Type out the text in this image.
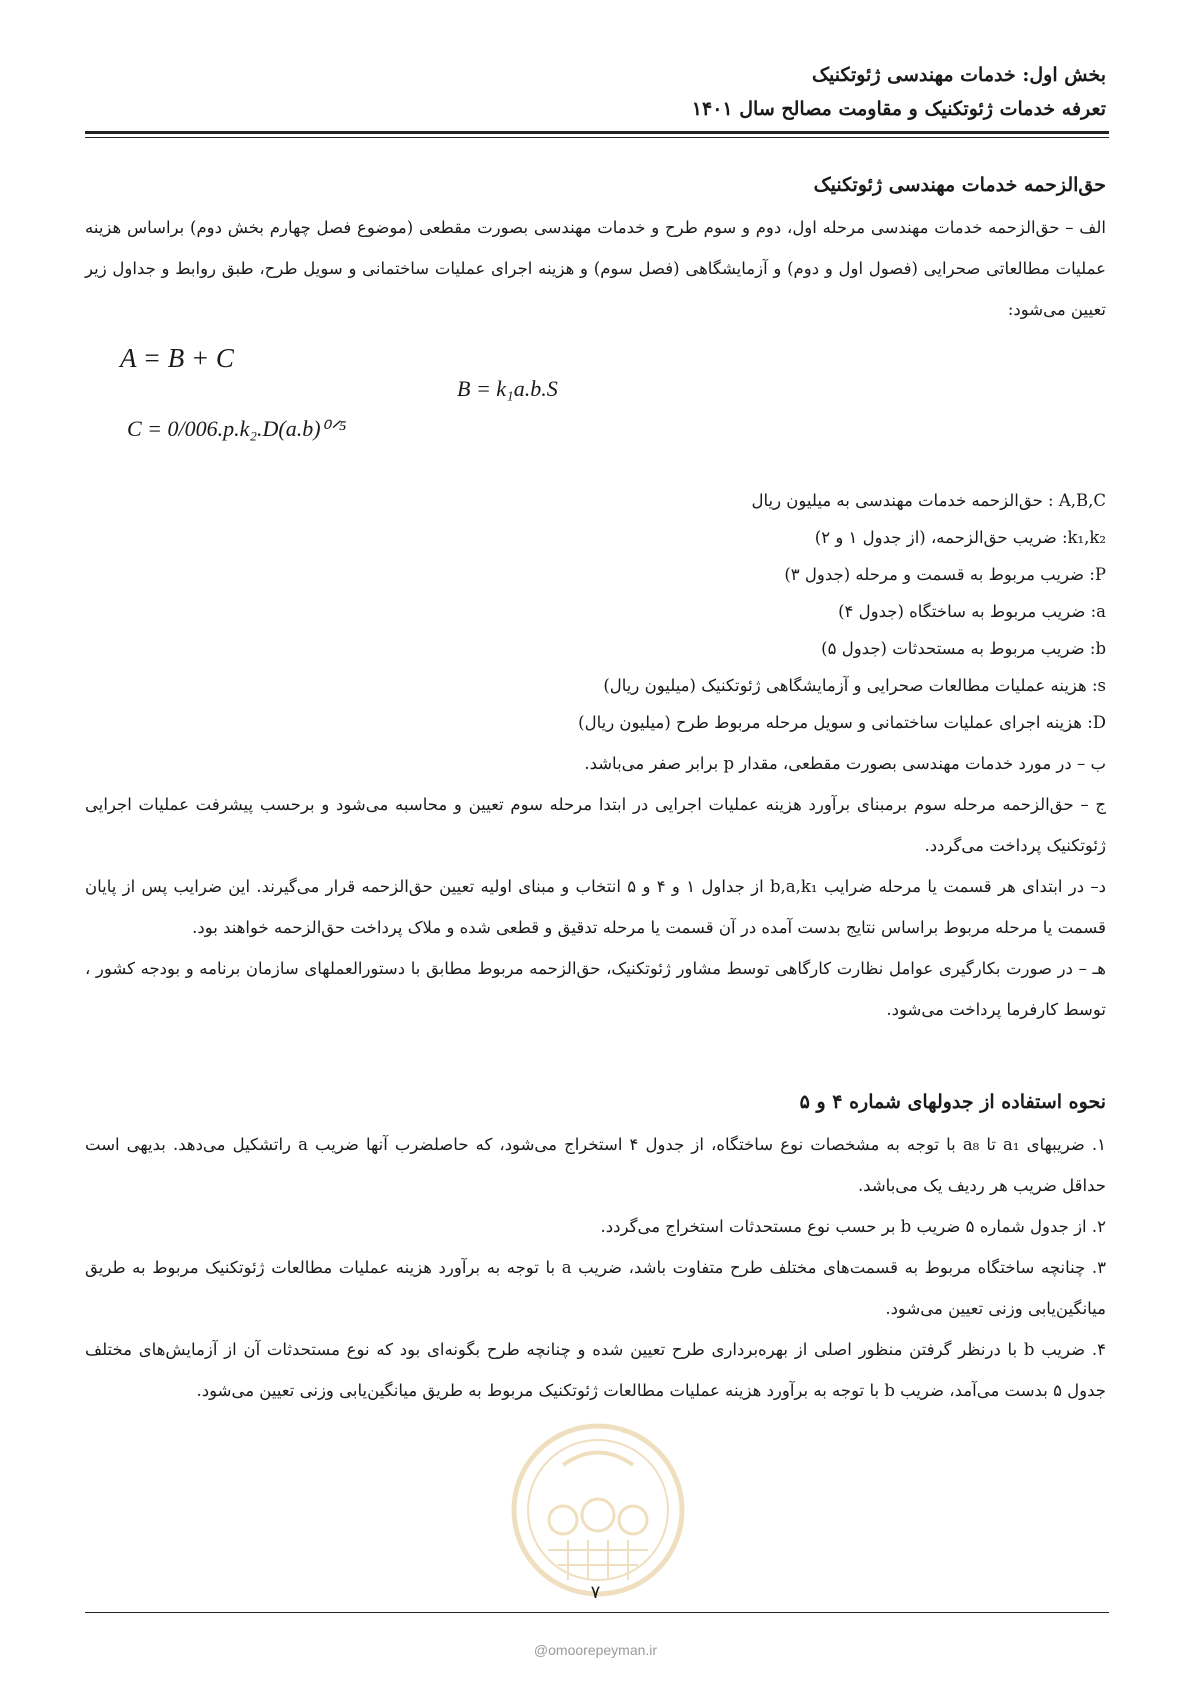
بخش اول: خدمات مهندسی ژئوتکنیک
تعرفه خدمات ژئوتکنیک و مقاومت مصالح سال ۱۴۰۱

حق‌الزحمه خدمات مهندسی ژئوتکنیک

الف – حق‌الزحمه خدمات مهندسی مرحله اول، دوم و سوم طرح و خدمات مهندسی بصورت مقطعی (موضوع فصل چهارم بخش دوم) براساس هزینه عملیات مطالعاتی صحرایی (فصول اول و دوم) و آزمایشگاهی (فصل سوم) و هزینه اجرای عملیات ساختمانی و سویل طرح، طبق روابط و جداول زیر تعیین می‌شود:

A = B + C
B = k₁a.b.S
C = 0/006.p.k₂.D(a.b)⁰ᐟ⁵

A,B,C : حق‌الزحمه خدمات مهندسی به میلیون ریال

k₁,k₂: ضریب حق‌الزحمه، (از جدول ۱ و ۲)

P: ضریب مربوط به قسمت و مرحله (جدول ۳)

a: ضریب مربوط به ساختگاه (جدول ۴)

b: ضریب مربوط به مستحدثات (جدول ۵)

s: هزینه عملیات مطالعات صحرایی و آزمایشگاهی ژئوتکنیک (میلیون ریال)

D: هزینه اجرای عملیات ساختمانی و سویل مرحله مربوط طرح (میلیون ریال)

ب – در مورد خدمات مهندسی بصورت مقطعی، مقدار p برابر صفر می‌باشد.

ج – حق‌الزحمه مرحله سوم برمبنای برآورد هزینه عملیات اجرایی در ابتدا مرحله سوم تعیین و محاسبه می‌شود و برحسب پیشرفت عملیات اجرایی ژئوتکنیک پرداخت می‌گردد.

د– در ابتدای هر قسمت یا مرحله ضرایب b,a,k₁ از جداول ۱ و ۴ و ۵ انتخاب و مبنای اولیه تعیین حق‌الزحمه قرار می‌گیرند. این ضرایب پس از پایان قسمت یا مرحله مربوط براساس نتایج بدست آمده در آن قسمت یا مرحله تدقیق و قطعی شده و ملاک پرداخت حق‌الزحمه خواهند بود.

هـ – در صورت بکارگیری عوامل نظارت کارگاهی توسط مشاور ژئوتکنیک، حق‌الزحمه مربوط مطابق با دستورالعملهای سازمان برنامه و بودجه کشور ، توسط کارفرما پرداخت می‌شود.

نحوه استفاده از جدولهای شماره ۴ و ۵

۱. ضریبهای a₁ تا a₈ با توجه به مشخصات نوع ساختگاه، از جدول ۴ استخراج می‌شود، که حاصلضرب آنها ضریب a راتشکیل می‌دهد. بدیهی است حداقل ضریب هر ردیف یک می‌باشد.

۲. از جدول شماره ۵ ضریب b بر حسب نوع مستحدثات استخراج می‌گردد.

۳. چنانچه ساختگاه مربوط به قسمت‌های مختلف طرح متفاوت باشد، ضریب a با توجه به برآورد هزینه عملیات مطالعات ژئوتکنیک مربوط به طریق میانگین‌یابی وزنی تعیین می‌شود.

۴. ضریب b با درنظر گرفتن منظور اصلی از بهره‌برداری طرح تعیین شده و چنانچه طرح بگونه‌ای بود که نوع مستحدثات آن از آزمایش‌های مختلف جدول ۵ بدست می‌آمد، ضریب b با توجه به برآورد هزینه عملیات مطالعات ژئوتکنیک مربوط به طریق میانگین‌یابی وزنی تعیین می‌شود.

۷
@omoorepeyman.ir
